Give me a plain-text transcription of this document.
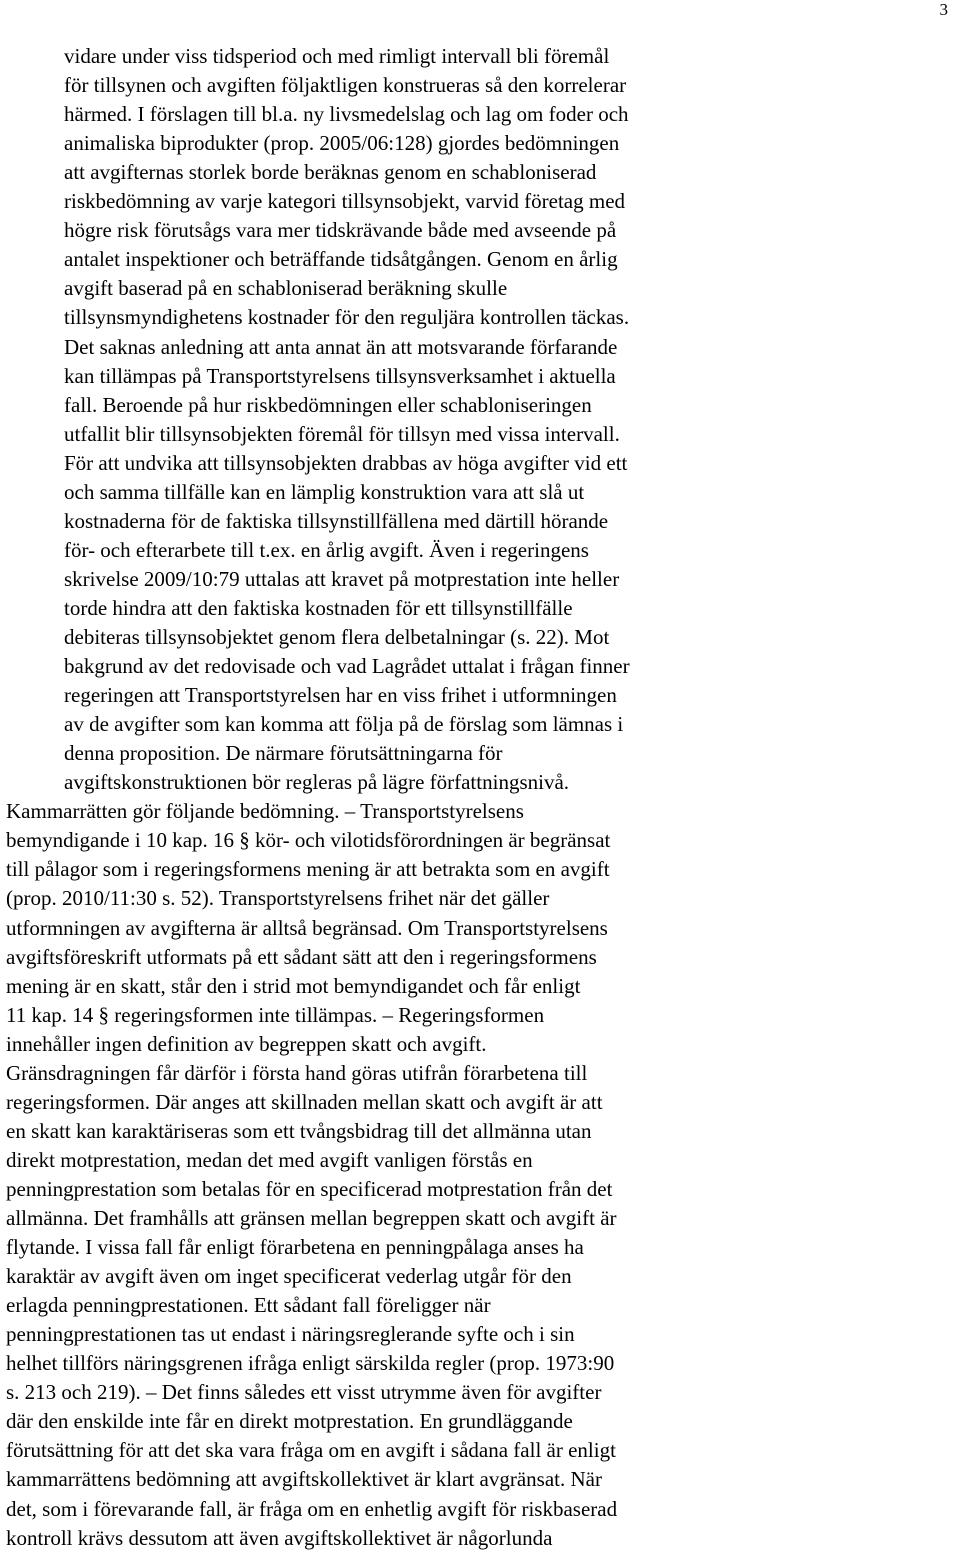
3
vidare under viss tidsperiod och med rimligt intervall bli föremål
för tillsynen och avgiften följaktligen konstrueras så den korrelerar
härmed. I förslagen till bl.a. ny livsmedelslag och lag om foder och
animaliska biprodukter (prop. 2005/06:128) gjordes bedömningen
att avgifternas storlek borde beräknas genom en schabloniserad
riskbedömning av varje kategori tillsynsobjekt, varvid företag med
högre risk förutsågs vara mer tidskrävande både med avseende på
antalet inspektioner och beträffande tidsåtgången. Genom en årlig
avgift baserad på en schabloniserad beräkning skulle
tillsynsmyndighetens kostnader för den reguljära kontrollen täckas.
Det saknas anledning att anta annat än att motsvarande förfarande
kan tillämpas på Transportstyrelsens tillsynsverksamhet i aktuella
fall. Beroende på hur riskbedömningen eller schabloniseringen
utfallit blir tillsynsobjekten föremål för tillsyn med vissa intervall.
För att undvika att tillsynsobjekten drabbas av höga avgifter vid ett
och samma tillfälle kan en lämplig konstruktion vara att slå ut
kostnaderna för de faktiska tillsynstillfällena med därtill hörande
för- och efterarbete till t.ex. en årlig avgift. Även i regeringens
skrivelse 2009/10:79 uttalas att kravet på motprestation inte heller
torde hindra att den faktiska kostnaden för ett tillsynstillfälle
debiteras tillsynsobjektet genom flera delbetalningar (s. 22). Mot
bakgrund av det redovisade och vad Lagrådet uttalat i frågan finner
regeringen att Transportstyrelsen har en viss frihet i utformningen
av de avgifter som kan komma att följa på de förslag som lämnas i
denna proposition. De närmare förutsättningarna för
avgiftskonstruktionen bör regleras på lägre författningsnivå.
Kammarrätten gör följande bedömning. – Transportstyrelsens
bemyndigande i 10 kap. 16 § kör- och vilotidsförordningen är begränsat
till pålagor som i regeringsformens mening är att betrakta som en avgift
(prop. 2010/11:30 s. 52). Transportstyrelsens frihet när det gäller
utformningen av avgifterna är alltså begränsad. Om Transportstyrelsens
avgiftsföreskrift utformats på ett sådant sätt att den i regeringsformens
mening är en skatt, står den i strid mot bemyndigandet och får enligt
11 kap. 14 § regeringsformen inte tillämpas. – Regeringsformen
innehåller ingen definition av begreppen skatt och avgift.
Gränsdragningen får därför i första hand göras utifrån förarbetena till
regeringsformen. Där anges att skillnaden mellan skatt och avgift är att
en skatt kan karaktäriseras som ett tvångsbidrag till det allmänna utan
direkt motprestation, medan det med avgift vanligen förstås en
penningprestation som betalas för en specificerad motprestation från det
allmänna. Det framhålls att gränsen mellan begreppen skatt och avgift är
flytande. I vissa fall får enligt förarbetena en penningpålaga anses ha
karaktär av avgift även om inget specificerat vederlag utgår för den
erlagda penningprestationen. Ett sådant fall föreligger när
penningprestationen tas ut endast i näringsreglerande syfte och i sin
helhet tillförs näringsgrenen ifråga enligt särskilda regler (prop. 1973:90
s. 213 och 219). – Det finns således ett visst utrymme även för avgifter
där den enskilde inte får en direkt motprestation. En grundläggande
förutsättning för att det ska vara fråga om en avgift i sådana fall är enligt
kammarrättens bedömning att avgiftskollektivet är klart avgränsat. När
det, som i förevarande fall, är fråga om en enhetlig avgift för riskbaserad
kontroll krävs dessutom att även avgiftskollektivet är någorlunda
